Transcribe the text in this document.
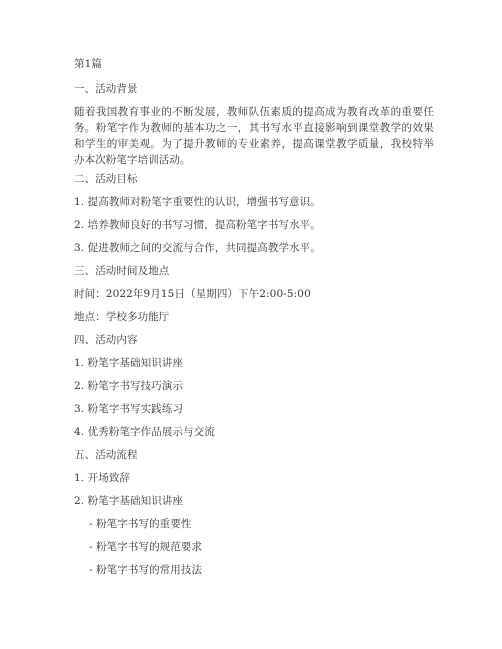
第1篇
一、活动背景
随着我国教育事业的不断发展，教师队伍素质的提高成为教育改革的重要任务。粉笔字作为教师的基本功之一，其书写水平直接影响到课堂教学的效果和学生的审美观。为了提升教师的专业素养，提高课堂教学质量，我校特举办本次粉笔字培训活动。
二、活动目标
1. 提高教师对粉笔字重要性的认识，增强书写意识。
2. 培养教师良好的书写习惯，提高粉笔字书写水平。
3. 促进教师之间的交流与合作，共同提高教学水平。
三、活动时间及地点
时间：2022年9月15日（星期四）下午2:00-5:00
地点：学校多功能厅
四、活动内容
1. 粉笔字基础知识讲座
2. 粉笔字书写技巧演示
3. 粉笔字书写实践练习
4. 优秀粉笔字作品展示与交流
五、活动流程
1. 开场致辞
2. 粉笔字基础知识讲座
- 粉笔字书写的重要性
- 粉笔字书写的规范要求
- 粉笔字书写的常用技法
